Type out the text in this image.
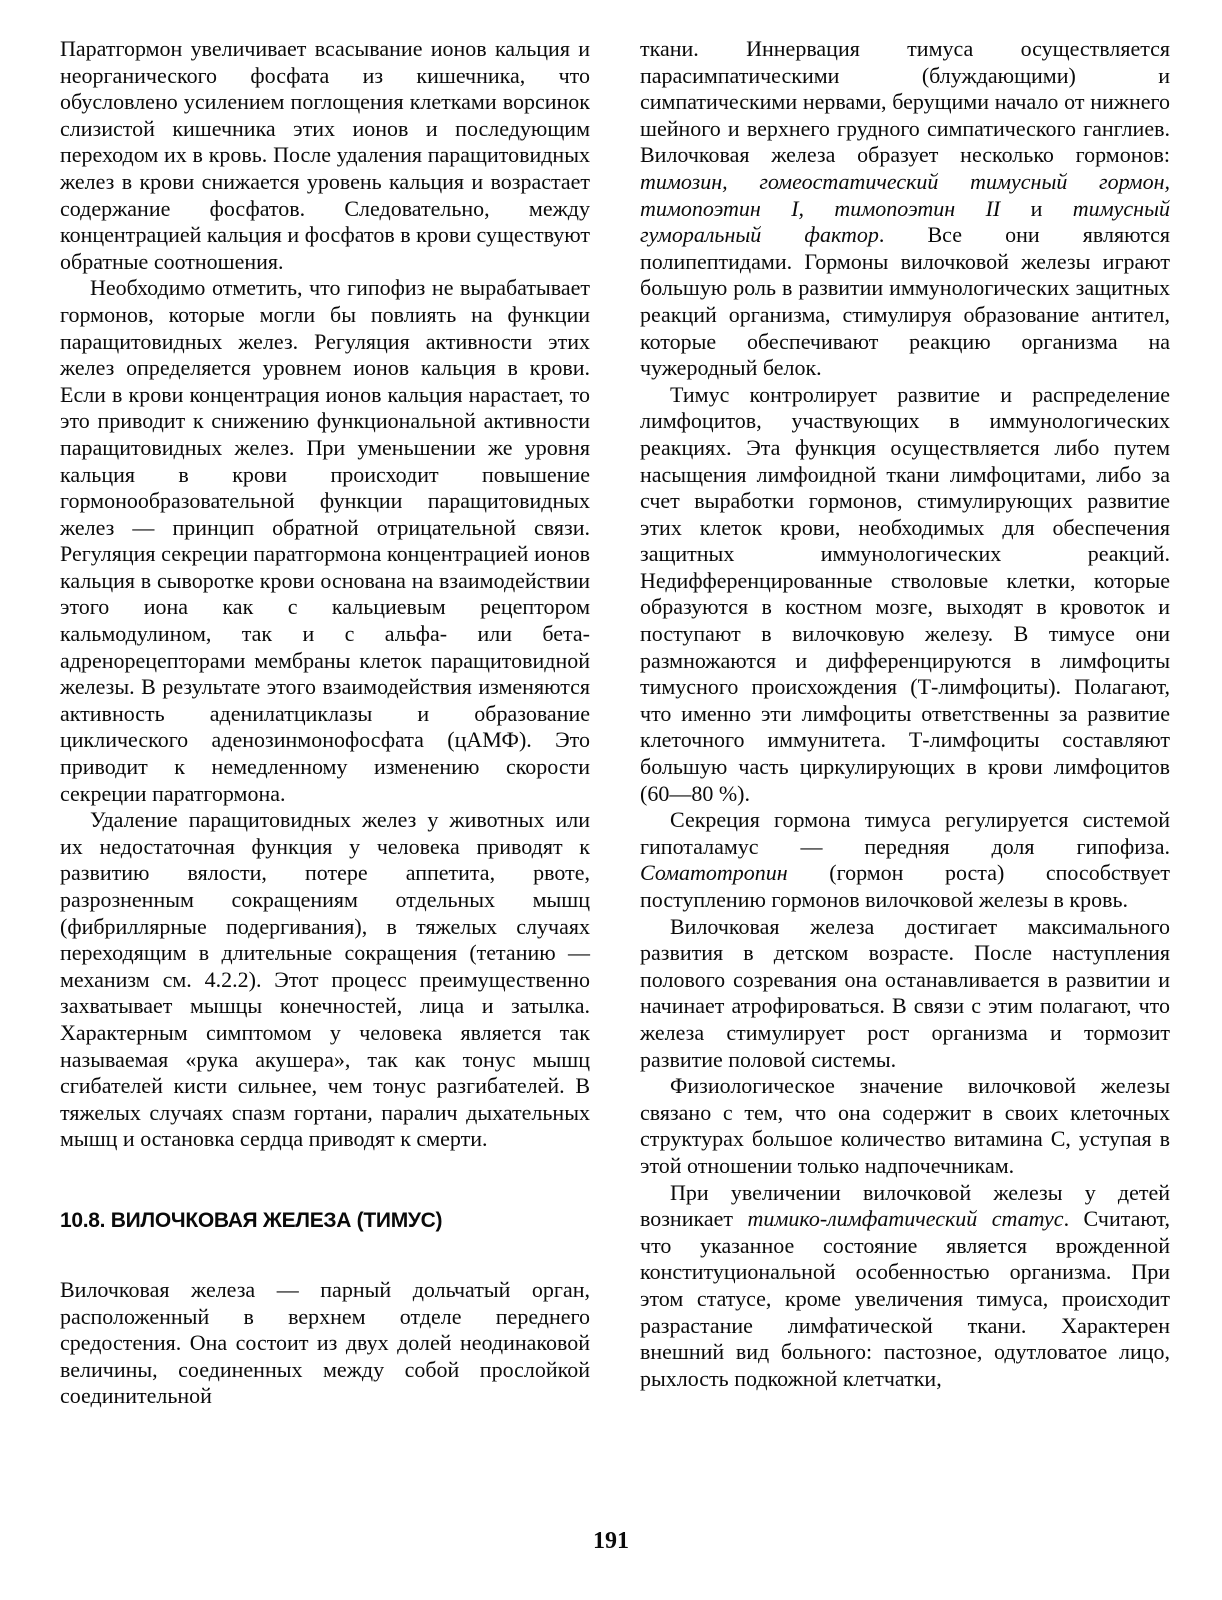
Паратгормон увеличивает всасывание ионов кальция и неорганического фосфата из кишечника, что обусловлено усилением поглощения клетками ворсинок слизистой кишечника этих ионов и последующим переходом их в кровь. После удаления паращитовидных желез в крови снижается уровень кальция и возрастает содержание фосфатов. Следовательно, между концентрацией кальция и фосфатов в крови существуют обратные соотношения.

Необходимо отметить, что гипофиз не вырабатывает гормонов, которые могли бы повлиять на функции паращитовидных желез. Регуляция активности этих желез определяется уровнем ионов кальция в крови. Если в крови концентрация ионов кальция нарастает, то это приводит к снижению функциональной активности паращитовидных желез. При уменьшении же уровня кальция в крови происходит повышение гормонообразовательной функции паращитовидных желез — принцип обратной отрицательной связи. Регуляция секреции паратгормона концентрацией ионов кальция в сыворотке крови основана на взаимодействии этого иона как с кальциевым рецептором кальмодулином, так и с альфа- или бета-адренорецепторами мембраны клеток паращитовидной железы. В результате этого взаимодействия изменяются активность аденилатциклазы и образование циклического аденозинмонофосфата (цАМФ). Это приводит к немедленному изменению скорости секреции паратгормона.

Удаление паращитовидных желез у животных или их недостаточная функция у человека приводят к развитию вялости, потере аппетита, рвоте, разрозненным сокращениям отдельных мышц (фибриллярные подергивания), в тяжелых случаях переходящим в длительные сокращения (тетанию — механизм см. 4.2.2). Этот процесс преимущественно захватывает мышцы конечностей, лица и затылка. Характерным симптомом у человека является так называемая «рука акушера», так как тонус мышц сгибателей кисти сильнее, чем тонус разгибателей. В тяжелых случаях спазм гортани, паралич дыхательных мышц и остановка сердца приводят к смерти.

10.8. ВИЛОЧКОВАЯ ЖЕЛЕЗА (ТИМУС)

Вилочковая железа — парный дольчатый орган, расположенный в верхнем отделе переднего средостения. Она состоит из двух долей неодинаковой величины, соединенных между собой прослойкой соединительной

ткани. Иннервация тимуса осуществляется парасимпатическими (блуждающими) и симпатическими нервами, берущими начало от нижнего шейного и верхнего грудного симпатического ганглиев. Вилочковая железа образует несколько гормонов: тимозин, гомеостатический тимусный гормон, тимопоэтин I, тимопоэтин II и тимусный гуморальный фактор. Все они являются полипептидами. Гормоны вилочковой железы играют большую роль в развитии иммунологических защитных реакций организма, стимулируя образование антител, которые обеспечивают реакцию организма на чужеродный белок.

Тимус контролирует развитие и распределение лимфоцитов, участвующих в иммунологических реакциях. Эта функция осуществляется либо путем насыщения лимфоидной ткани лимфоцитами, либо за счет выработки гормонов, стимулирующих развитие этих клеток крови, необходимых для обеспечения защитных иммунологических реакций. Недифференцированные стволовые клетки, которые образуются в костном мозге, выходят в кровоток и поступают в вилочковую железу. В тимусе они размножаются и дифференцируются в лимфоциты тимусного происхождения (Т-лимфоциты). Полагают, что именно эти лимфоциты ответственны за развитие клеточного иммунитета. Т-лимфоциты составляют большую часть циркулирующих в крови лимфоцитов (60—80 %).

Секреция гормона тимуса регулируется системой гипоталамус — передняя доля гипофиза. Соматотропин (гормон роста) способствует поступлению гормонов вилочковой железы в кровь.

Вилочковая железа достигает максимального развития в детском возрасте. После наступления полового созревания она останавливается в развитии и начинает атрофироваться. В связи с этим полагают, что железа стимулирует рост организма и тормозит развитие половой системы.

Физиологическое значение вилочковой железы связано с тем, что она содержит в своих клеточных структурах большое количество витамина С, уступая в этой отношении только надпочечникам.

При увеличении вилочковой железы у детей возникает тимико-лимфатический статус. Считают, что указанное состояние является врожденной конституциональной особенностью организма. При этом статусе, кроме увеличения тимуса, происходит разрастание лимфатической ткани. Характерен внешний вид больного: пастозное, одутловатое лицо, рыхлость подкожной клетчатки,

191
